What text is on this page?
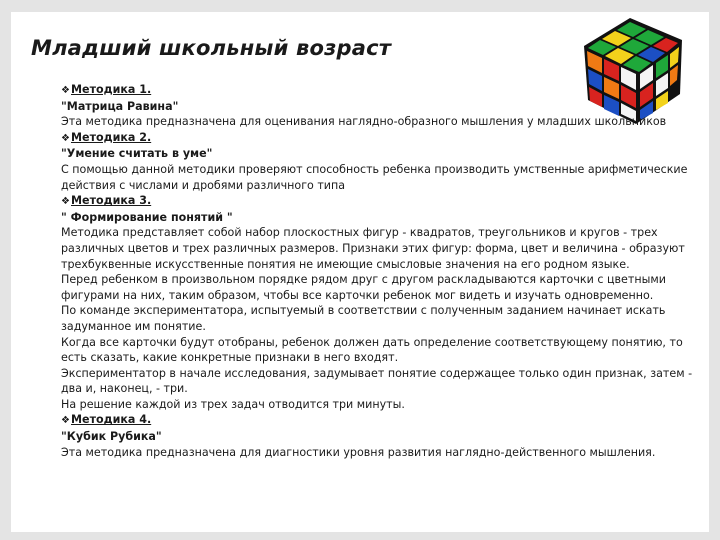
Младший школьный возраст

❖Методика 1.

"Матрица Равина"

Эта методика предназначена для оценивания наглядно-образного мышления у младших школьников

❖Методика 2.

"Умение считать в уме"

С помощью данной методики проверяют способность ребенка производить умственные арифметические действия с числами и дробями различного типа

❖Методика 3.

" Формирование понятий "

Методика представляет собой набор плоскостных фигур - квадратов, треугольников и кругов - трех различных цветов и трех различных размеров. Признаки этих фигур: форма, цвет и величина - образуют трехбуквенные искусственные понятия не имеющие смысловые значения на его родном языке.

Перед ребенком в произвольном порядке рядом друг с другом раскладываются карточки с цветными фигурами на них, таким образом, чтобы все карточки ребенок мог видеть и изучать одновременно.

По команде экспериментатора, испытуемый в соответствии с полученным заданием начинает искать задуманное им понятие.

Когда все карточки будут отобраны, ребенок должен дать определение соответствующему понятию, то есть сказать, какие конкретные признаки в него входят.

Экспериментатор в начале исследования, задумывает понятие содержащее только один признак, затем - два и, наконец, - три.

На решение каждой из трех задач отводится три минуты.

❖Методика 4.

"Кубик Рубика"

Эта методика предназначена для диагностики уровня развития наглядно-действенного мышления.
